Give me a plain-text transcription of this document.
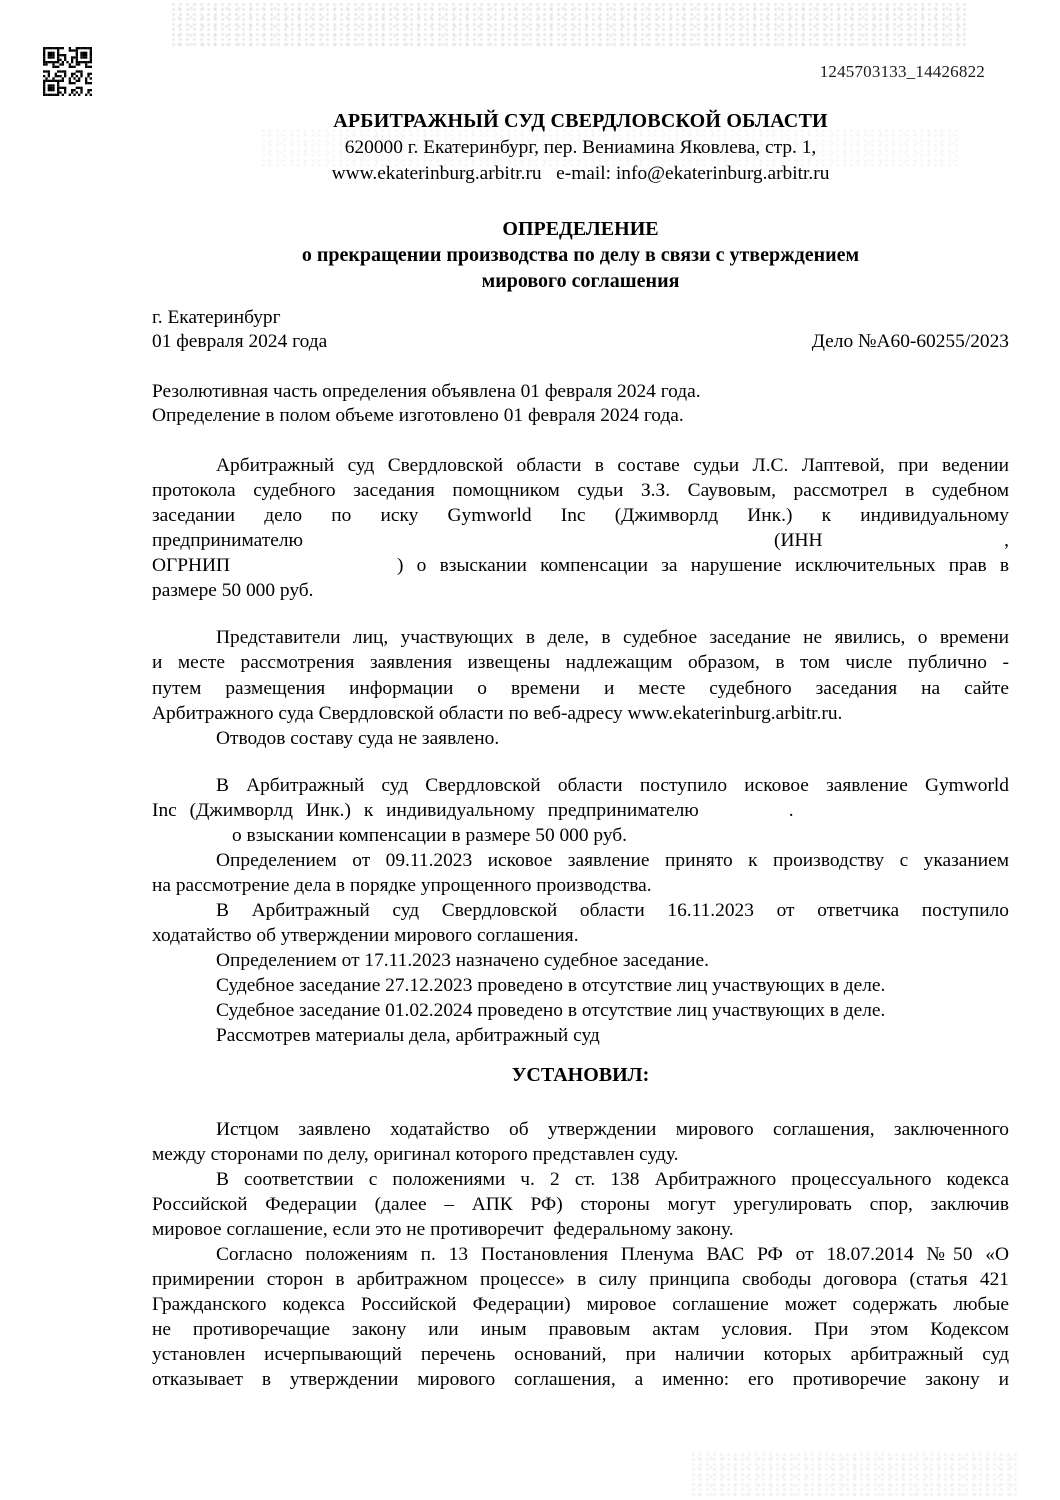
1245703133_14426822
АРБИТРАЖНЫЙ СУД СВЕРДЛОВСКОЙ ОБЛАСТИ
620000 г. Екатеринбург, пер. Вениамина Яковлева, стр. 1,
www.ekaterinburg.arbitr.ru   e-mail: info@ekaterinburg.arbitr.ru
ОПРЕДЕЛЕНИЕ
о прекращении производства по делу в связи с утверждением
мирового соглашения
г. Екатеринбург
01 февраля 2024 года	Дело №А60-60255/2023
Резолютивная часть определения объявлена 01 февраля 2024 года.
Определение в полом объеме изготовлено 01 февраля 2024 года.
Арбитражный суд Свердловской области в составе судьи Л.С. Лаптевой, при ведении
протокола судебного заседания помощником судьи З.З. Саувовым, рассмотрел в судебном
заседании дело по иску Gymworld Inc (Джимворлд Инк.) к индивидуальному
предпринимателю	(ИНН	,
ОГРНИП	) о взыскании компенсации за нарушение исключительных прав в
размере 50 000 руб.
Представители лиц, участвующих в деле, в судебное заседание не явились, о времени
и месте рассмотрения заявления извещены надлежащим образом, в том числе публично -
путем размещения информации о времени и месте судебного заседания на сайте
Арбитражного суда Свердловской области по веб-адресу www.ekaterinburg.arbitr.ru.
Отводов составу суда не заявлено.
В Арбитражный суд Свердловской области поступило исковое заявление Gymworld
Inc (Джимворлд Инк.) к индивидуальному предпринимателю	.
о взыскании компенсации в размере 50 000 руб.
Определением от 09.11.2023 исковое заявление принято к производству с указанием
на рассмотрение дела в порядке упрощенного производства.
В Арбитражный суд Свердловской области 16.11.2023 от ответчика поступило
ходатайство об утверждении мирового соглашения.
Определением от 17.11.2023 назначено судебное заседание.
Судебное заседание 27.12.2023 проведено в отсутствие лиц участвующих в деле.
Судебное заседание 01.02.2024 проведено в отсутствие лиц участвующих в деле.
Рассмотрев материалы дела, арбитражный суд
УСТАНОВИЛ:
Истцом заявлено ходатайство об утверждении мирового соглашения, заключенного
между сторонами по делу, оригинал которого представлен суду.
В соответствии с положениями ч. 2 ст. 138 Арбитражного процессуального кодекса
Российской Федерации (далее – АПК РФ) стороны могут урегулировать спор, заключив
мировое соглашение, если это не противоречит  федеральному закону.
Согласно положениям п. 13 Постановления Пленума ВАС РФ от 18.07.2014 №50 «О
примирении сторон в арбитражном процессе» в силу принципа свободы договора (статья 421
Гражданского кодекса Российской Федерации) мировое соглашение может содержать любые
не противоречащие закону или иным правовым актам условия. При этом Кодексом
установлен исчерпывающий перечень оснований, при наличии которых арбитражный суд
отказывает в утверждении мирового соглашения, а именно: его противоречие закону и
